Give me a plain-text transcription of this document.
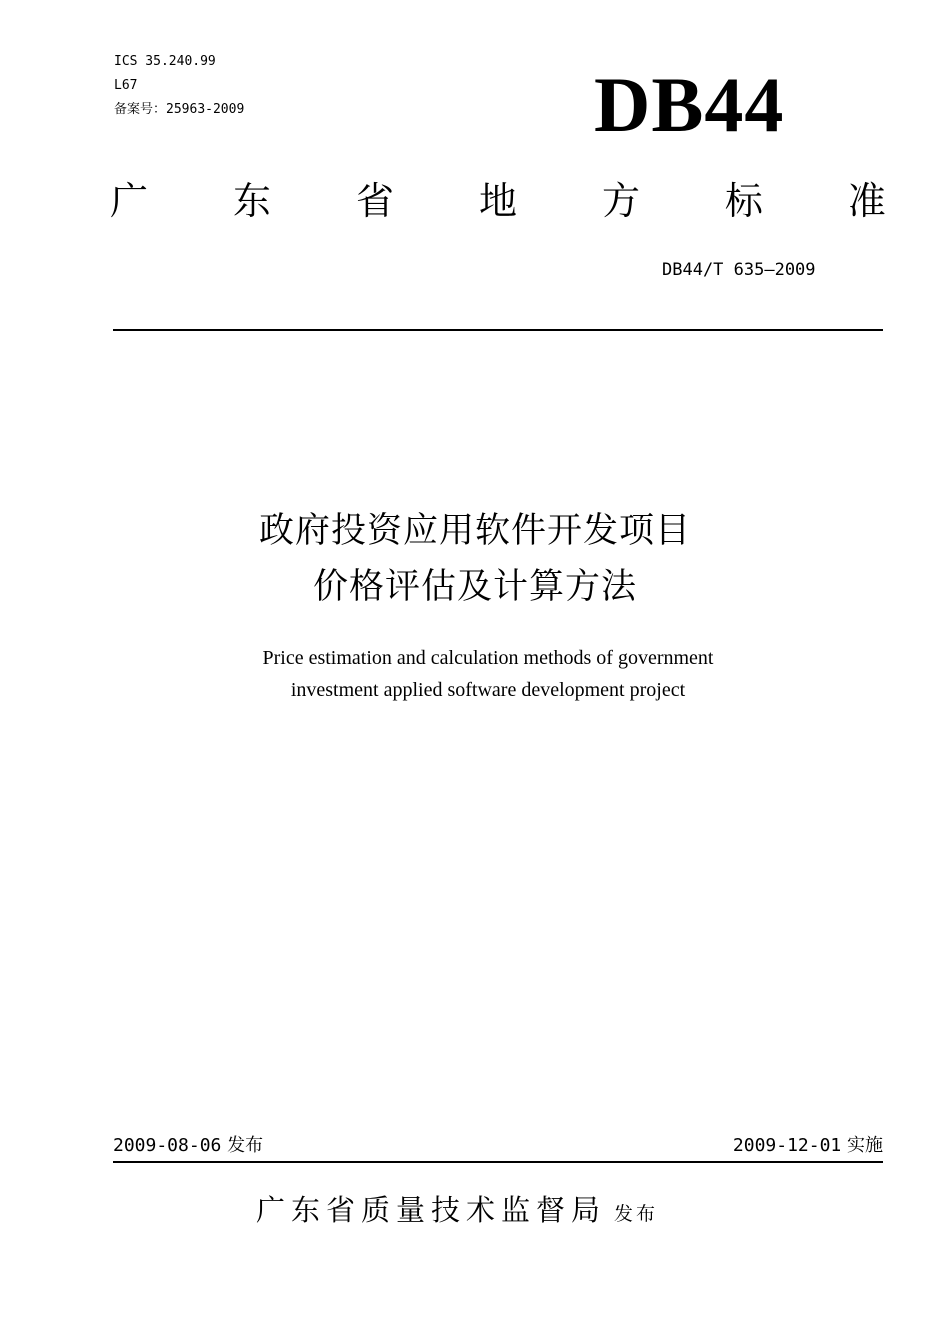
ICS 35.240.99
L67
备案号：25963-2009	DB44
广 东 省 地 方 标 准
DB44/T 635—2009
政府投资应用软件开发项目
价格评估及计算方法
Price estimation and calculation methods of government
investment applied software development project
2009-08-06 发布	2009-12-01 实施
广东省质量技术监督局 发布
